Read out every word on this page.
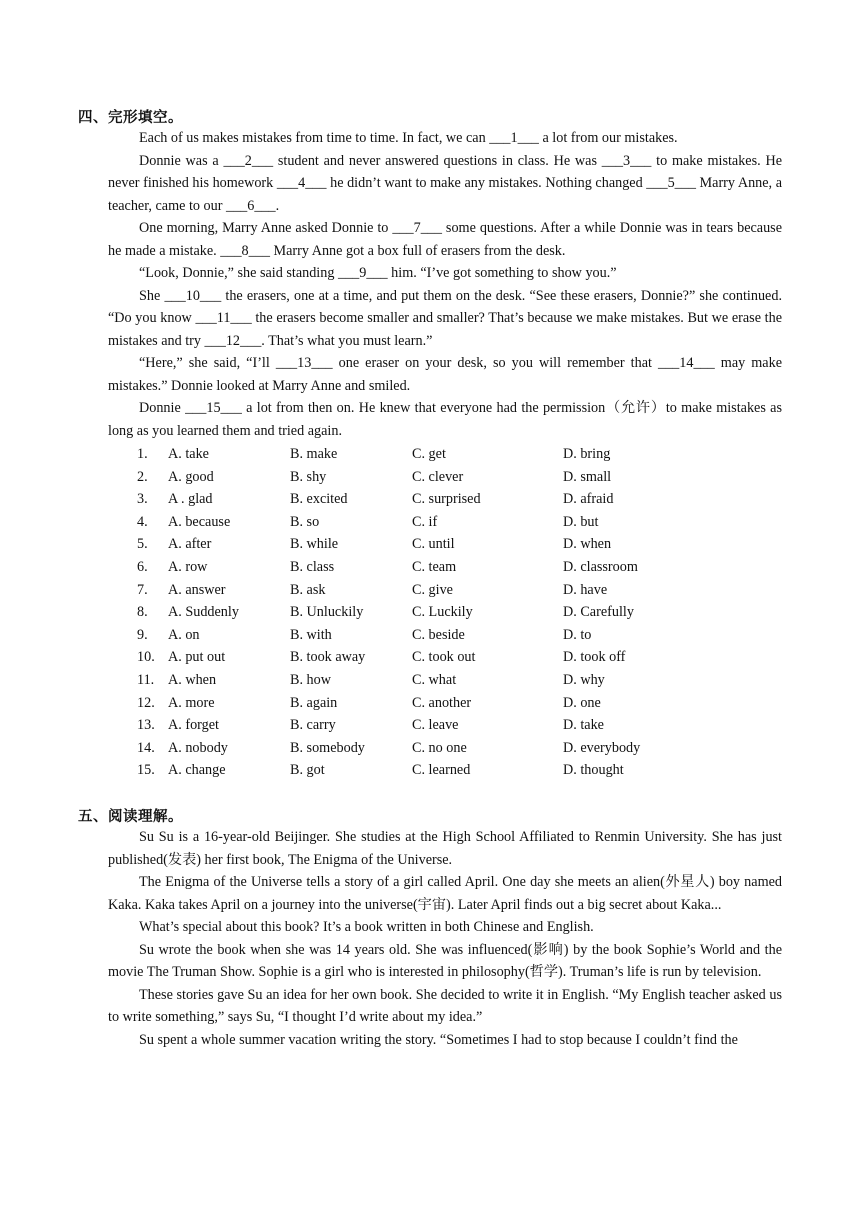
四、完形填空。

Each of us makes mistakes from time to time. In fact, we can ___1___ a lot from our mistakes.

Donnie was a ___2___ student and never answered questions in class. He was ___3___ to make mistakes. He never finished his homework ___4___ he didn’t want to make any mistakes. Nothing changed ___5___ Marry Anne, a teacher, came to our ___6___.

One morning, Marry Anne asked Donnie to ___7___ some questions. After a while Donnie was in tears because he made a mistake. ___8___ Marry Anne got a box full of erasers from the desk.

“Look, Donnie,” she said standing ___9___ him. “I’ve got something to show you.”

She ___10___ the erasers, one at a time, and put them on the desk. “See these erasers, Donnie?” she continued. “Do you know ___11___ the erasers become smaller and smaller? That’s because we make mistakes. But we erase the mistakes and try ___12___. That’s what you must learn.”

“Here,” she said, “I’ll ___13___ one eraser on your desk, so you will remember that ___14___ may make mistakes.” Donnie looked at Marry Anne and smiled.

Donnie ___15___ a lot from then on. He knew that everyone had the permission（允许）to make mistakes as long as you learned them and tried again.

1. A. take	B. make	C. get	D. bring
2. A. good	B. shy	C. clever	D. small
3. A . glad	B. excited	C. surprised	D. afraid
4. A. because	B. so	C. if	D. but
5. A. after	B. while	C. until	D. when
6. A. row	B. class	C. team	D. classroom
7. A. answer	B. ask	C. give	D. have
8. A. Suddenly	B. Unluckily	C. Luckily	D. Carefully
9. A. on	B. with	C. beside	D. to
10. A. put out	B. took away	C. took out	D. took off
11. A. when	B. how	C. what	D. why
12. A. more	B. again	C. another	D. one
13. A. forget	B. carry	C. leave	D. take
14. A. nobody	B. somebody	C. no one	D. everybody
15. A. change	B. got	C. learned	D. thought
五、阅读理解。

Su Su is a 16-year-old Beijinger. She studies at the High School Affiliated to Renmin University. She has just published(发表) her first book, The Enigma of the Universe.

The Enigma of the Universe tells a story of a girl called April. One day she meets an alien(外星人) boy named Kaka. Kaka takes April on a journey into the universe(宇宙). Later April finds out a big secret about Kaka...

What’s special about this book? It’s a book written in both Chinese and English.

Su wrote the book when she was 14 years old. She was influenced(影响) by the book Sophie’s World and the movie The Truman Show. Sophie is a girl who is interested in philosophy(哲学). Truman’s life is run by television.

These stories gave Su an idea for her own book. She decided to write it in English. “My English teacher asked us to write something,” says Su, “I thought I’d write about my idea.”

Su spent a whole summer vacation writing the story. “Sometimes I had to stop because I couldn’t find the
